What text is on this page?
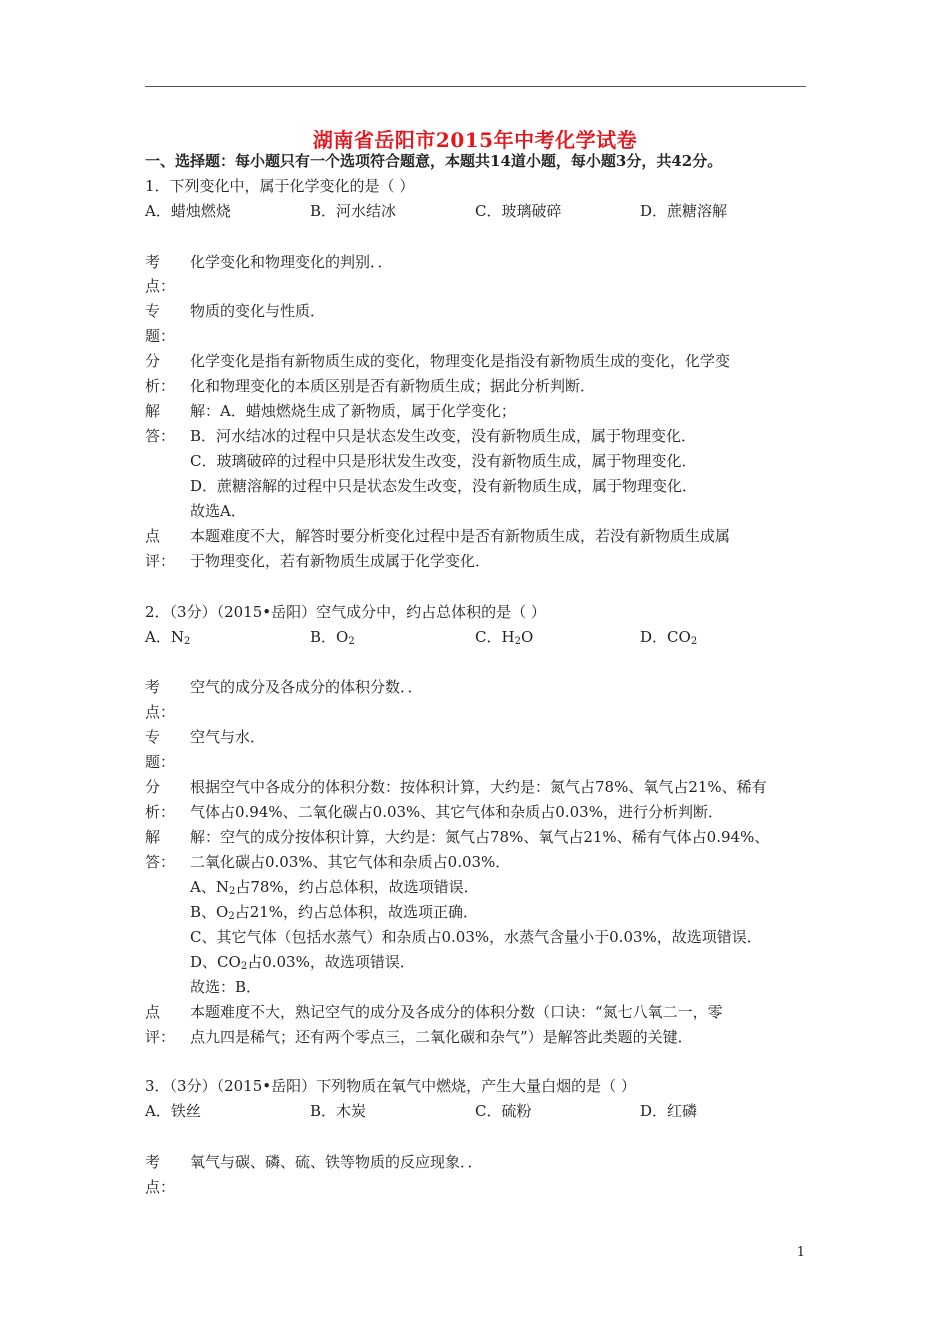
湖南省岳阳市2015年中考化学试卷
一、选择题：每小题只有一个选项符合题意，本题共14道小题，每小题3分，共42分。
1．下列变化中，属于化学变化的是（ ）
A．蜡烛燃烧	B．河水结冰	C．玻璃破碎	D．蔗糖溶解
考
点：
化学变化和物理变化的判别．．
专
题：
物质的变化与性质．
分
析：
化学变化是指有新物质生成的变化，物理变化是指没有新物质生成的变化，化学变
化和物理变化的本质区别是否有新物质生成；据此分析判断．
解
答：
解：A．蜡烛燃烧生成了新物质，属于化学变化；
B．河水结冰的过程中只是状态发生改变，没有新物质生成，属于物理变化．
C．玻璃破碎的过程中只是形状发生改变，没有新物质生成，属于物理变化．
D．蔗糖溶解的过程中只是状态发生改变，没有新物质生成，属于物理变化．
故选A．
点
评：
本题难度不大，解答时要分析变化过程中是否有新物质生成，若没有新物质生成属
于物理变化，若有新物质生成属于化学变化．
2．（3分）（2015•岳阳）空气成分中，约占总体积的是（ ）
A．$N_2$	B．$O_2$	C．$H_2O$	D．$CO_2$
考
点：
空气的成分及各成分的体积分数．．
专
题：
空气与水．
分
析：
根据空气中各成分的体积分数：按体积计算，大约是：氮气占78%、氧气占21%、稀有
气体占0.94%、二氧化碳占0.03%、其它气体和杂质占0.03%，进行分析判断．
解
答：
解：空气的成分按体积计算，大约是：氮气占78%、氧气占21%、稀有气体占0.94%、
二氧化碳占0.03%、其它气体和杂质占0.03%．
A、$N_2$占78%，约占总体积，故选项错误．
B、$O_2$占21%，约占总体积，故选项正确．
C、其它气体（包括水蒸气）和杂质占0.03%，水蒸气含量小于0.03%，故选项错误．
D、$CO_2$占0.03%，故选项错误．
故选：B．
点
评：
本题难度不大，熟记空气的成分及各成分的体积分数（口诀：“氮七八氧二一，零
点九四是稀气；还有两个零点三，二氧化碳和杂气”）是解答此类题的关键．
3．（3分）（2015•岳阳）下列物质在氧气中燃烧，产生大量白烟的是（ ）
A．铁丝	B．木炭	C．硫粉	D．红磷
考
点：
氧气与碳、磷、硫、铁等物质的反应现象．．
1
